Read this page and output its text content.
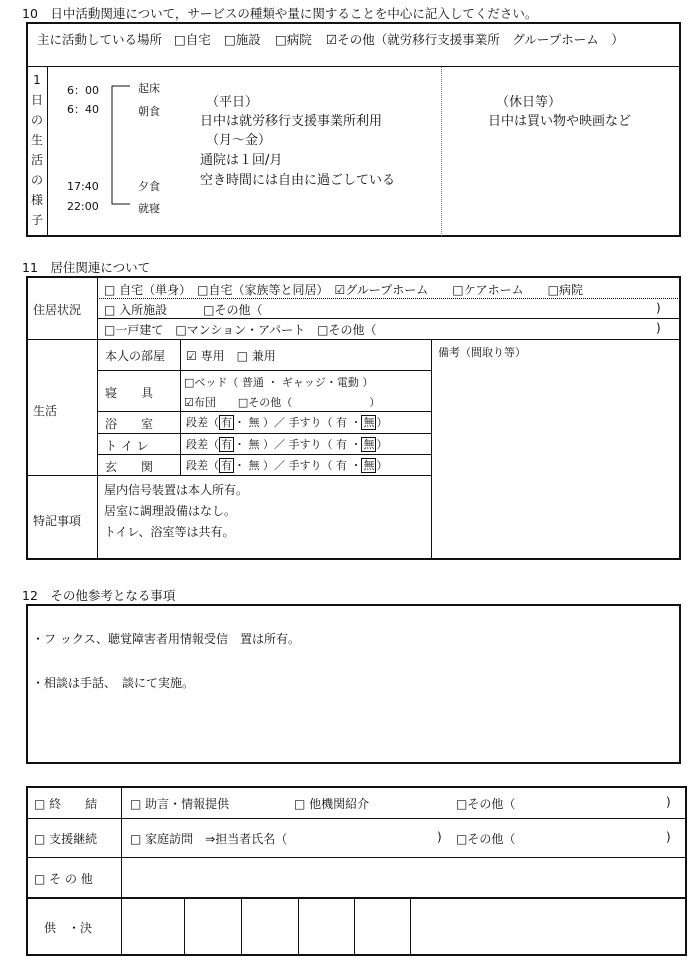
10　日中活動関連について，サービスの種類や量に関することを中心に記入してください。
主に活動している場所 □自宅 □施設 □病院 ☑その他（就労移行支援事業所　グループホーム　）
1
日
の
生
活
の
様
子
6：00	起床
6：40	朝食
17:40	夕食
22:00	就寝
（平日）
日中は就労移行支援事業所利用
（月～金）
通院は１回/月
空き時間には自由に過ごしている
（休日等）
日中は買い物や映画など
11　居住関連について
住居状況
□ 自宅（単身）　□自宅（家族等と同居）　☑グループホーム　　□ケアホーム　　□病院
□ 入所施設　　　□その他（	)
□一戸建て　□マンション・アパート　□その他（	)
生活
本人の部屋 ☑ 専用　□ 兼用
寝　　具
□ベッド（ 普通 ・ ギャッジ・電動 ）
☑布団　　□その他（　　　　　　　）
浴　　室	段差（ 有 ・ 無 ）／ 手すり（ 有 ・ 無 ）
ト イ レ	段差（ 有 ・ 無 ）／ 手すり（ 有 ・ 無 ）
玄　　関	段差（ 有 ・ 無 ）／ 手すり（ 有 ・ 無 ）
備考（間取り等）
特記事項
屋内信号装置は本人所有。
居室に調理設備はなし。
トイレ、浴室等は共有。
12　その他参考となる事項
・フ ックス、聴覚障害者用情報受信　置は所有。
・相談は手話、　談にて実施。
□ 終　　結	□ 助言・情報提供	□ 他機関紹介	□その他（	)
□ 支援継続	□ 家庭訪問　⇒担当者氏名（	) □その他（	)
□ そ の 他
供　・決
